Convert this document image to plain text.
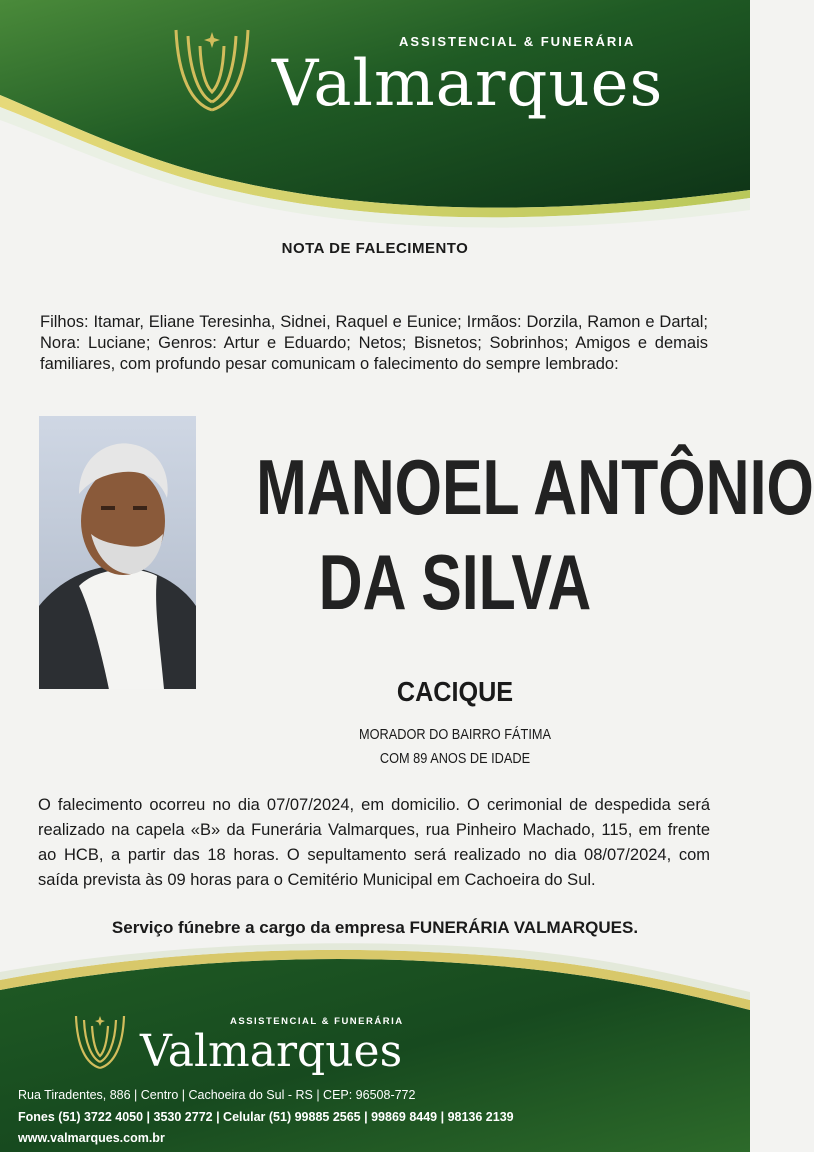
ASSISTENCIAL & FUNERÁRIA
Valmarques
NOTA DE FALECIMENTO
Filhos: Itamar, Eliane Teresinha, Sidnei, Raquel e Eunice; Irmãos: Dorzila, Ramon e Dartal; Nora: Luciane; Genros: Artur e Eduardo; Netos; Bisnetos; Sobrinhos; Amigos e demais familiares, com profundo pesar comunicam o falecimento do sempre lembrado:
MANOEL ANTÔNIO
DA SILVA
CACIQUE
MORADOR DO BAIRRO FÁTIMA
COM 89 ANOS DE IDADE
O falecimento ocorreu no dia 07/07/2024, em domicilio. O cerimonial de despedida será realizado na capela «B» da Funerária Valmarques, rua Pinheiro Machado, 115, em frente ao HCB, a partir das 18 horas. O sepultamento será realizado no dia 08/07/2024, com saída prevista às 09 horas para o Cemitério Municipal em Cachoeira do Sul.
Serviço fúnebre a cargo da empresa FUNERÁRIA VALMARQUES.
ASSISTENCIAL & FUNERÁRIA
Valmarques
Rua Tiradentes, 886 | Centro | Cachoeira do Sul - RS | CEP: 96508-772
Fones (51) 3722 4050 | 3530 2772 | Celular (51) 99885 2565 | 99869 8449 | 98136 2139
www.valmarques.com.br
